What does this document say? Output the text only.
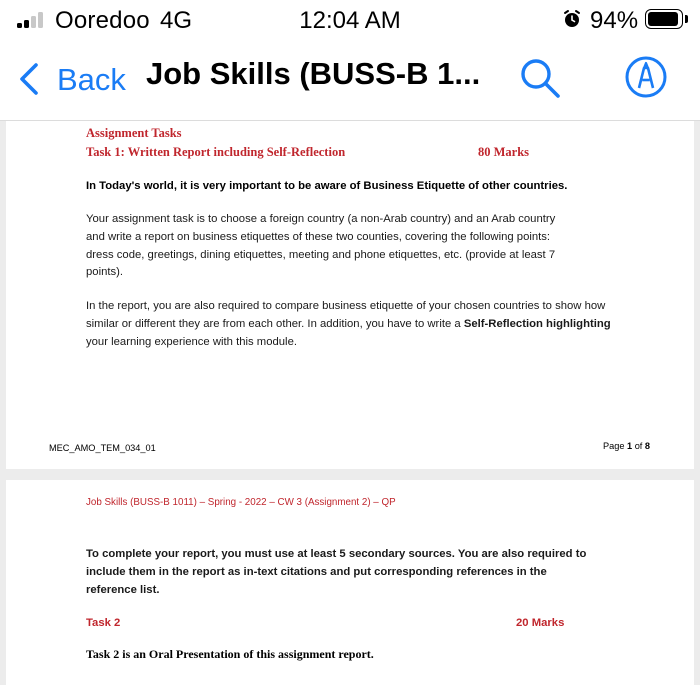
Ooredoo 4G	12:04 AM	94%
Back Job Skills (BUSS-B 1...
Assignment Tasks
Task 1: Written Report including Self-Reflection	80 Marks
In Today's world, it is very important to be aware of Business Etiquette of other countries.
Your assignment task is to choose a foreign country (a non-Arab country) and an Arab country
and write a report on business etiquettes of these two counties, covering the following points:
dress code, greetings, dining etiquettes, meeting and phone etiquettes, etc. (provide at least 7
points).
In the report, you are also required to compare business etiquette of your chosen countries to show how similar or different they are from each other. In addition, you have to write a Self-Reflection highlighting your learning experience with this module.
MEC_AMO_TEM_034_01	Page 1 of 8
Job Skills (BUSS-B 1011) – Spring - 2022 – CW 3 (Assignment 2) – QP
To complete your report, you must use at least 5 secondary sources. You are also required to
include them in the report as in-text citations and put corresponding references in the
reference list.
Task 2	20 Marks
Task 2 is an Oral Presentation of this assignment report.
